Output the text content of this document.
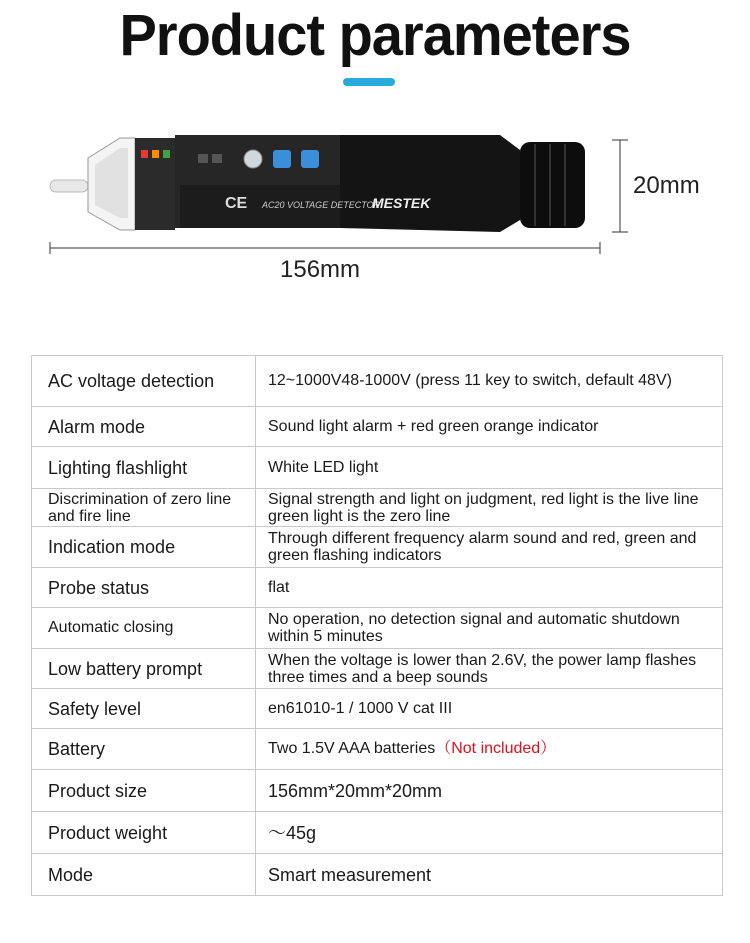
Product parameters
CE AC20 VOLTAGE DETECTOR
MESTEK
20mm
156mm
AC voltage detection	12~1000V48-1000V (press 11 key to switch, default 48V)
Alarm mode	Sound light alarm + red green orange indicator
Lighting flashlight	White LED light
Discrimination of zero line and fire line	Signal strength and light on judgment, red light is the live line green light is the zero line
Indication mode	Through different frequency alarm sound and red, green and green flashing indicators
Probe status	flat
Automatic closing	No operation, no detection signal and automatic shutdown within 5 minutes
Low battery prompt	When the voltage is lower than 2.6V, the power lamp flashes three times and a beep sounds
Safety level	en61010-1 / 1000 V cat III
Battery	Two 1.5V AAA batteries（Not included）
Product size	156mm*20mm*20mm
Product weight	～45g
Mode	Smart measurement
